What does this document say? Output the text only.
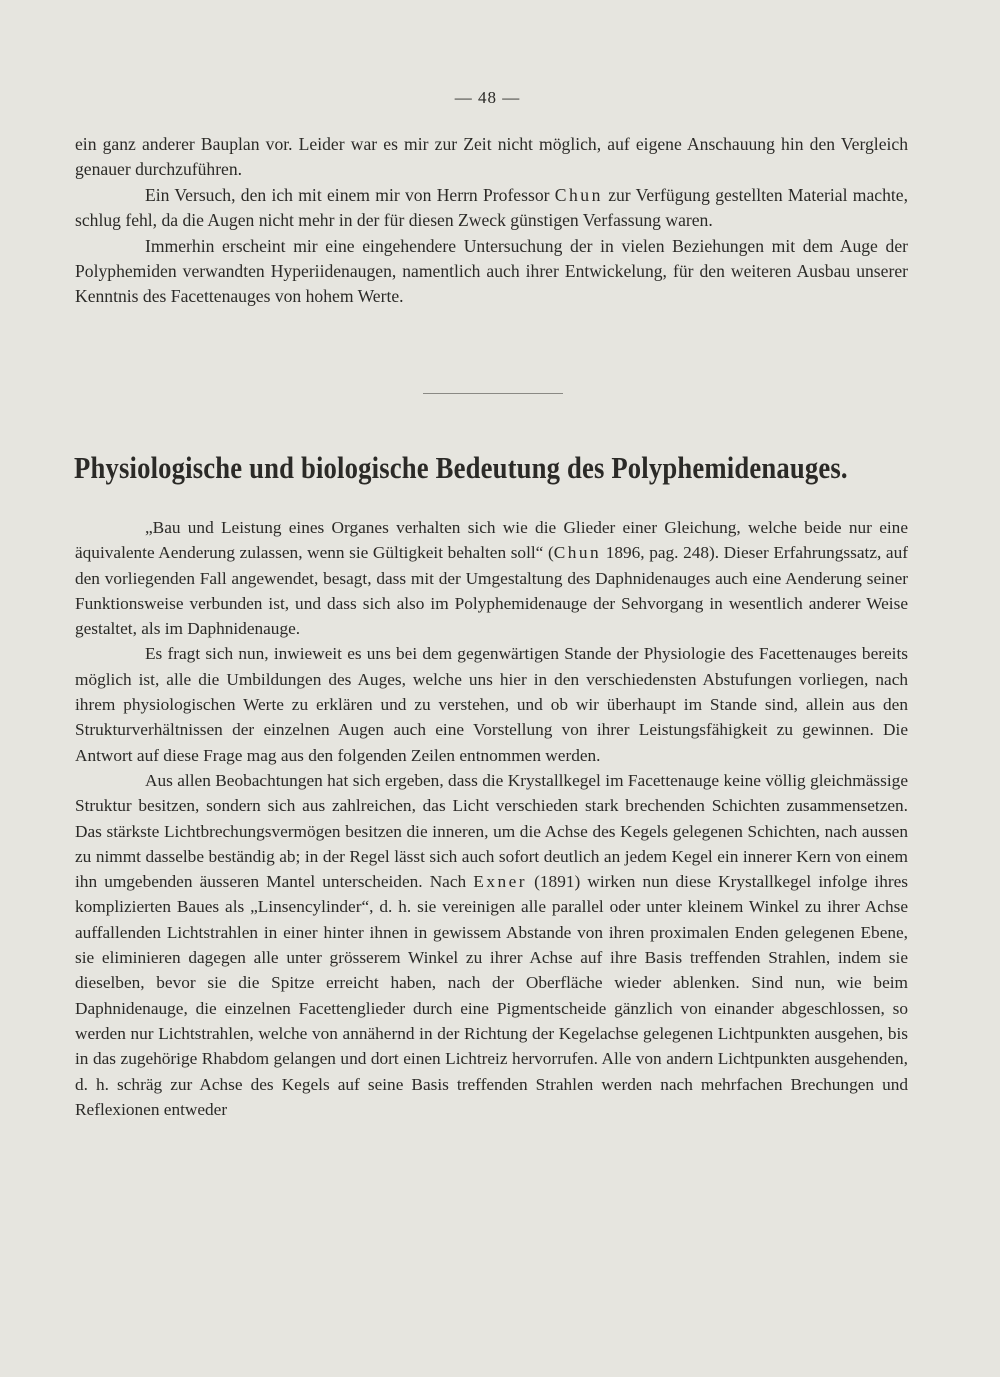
— 48 —

ein ganz anderer Bauplan vor. Leider war es mir zur Zeit nicht möglich, auf eigene Anschauung hin den Vergleich genauer durchzuführen.

Ein Versuch, den ich mit einem mir von Herrn Professor Chun zur Verfügung gestellten Material machte, schlug fehl, da die Augen nicht mehr in der für diesen Zweck günstigen Verfassung waren.

Immerhin erscheint mir eine eingehendere Untersuchung der in vielen Beziehungen mit dem Auge der Polyphemiden verwandten Hyperiidenaugen, namentlich auch ihrer Entwickelung, für den weiteren Ausbau unserer Kenntnis des Facettenauges von hohem Werte.

Physiologische und biologische Bedeutung des Polyphemidenauges.

„Bau und Leistung eines Organes verhalten sich wie die Glieder einer Gleichung, welche beide nur eine äquivalente Aenderung zulassen, wenn sie Gültigkeit behalten soll“ (Chun 1896, pag. 248). Dieser Erfahrungssatz, auf den vorliegenden Fall angewendet, besagt, dass mit der Umgestaltung des Daphnidenauges auch eine Aenderung seiner Funktionsweise verbunden ist, und dass sich also im Polyphemidenauge der Sehvorgang in wesentlich anderer Weise gestaltet, als im Daphnidenauge.

Es fragt sich nun, inwieweit es uns bei dem gegenwärtigen Stande der Physiologie des Facettenauges bereits möglich ist, alle die Umbildungen des Auges, welche uns hier in den verschiedensten Abstufungen vorliegen, nach ihrem physiologischen Werte zu erklären und zu verstehen, und ob wir überhaupt im Stande sind, allein aus den Strukturverhältnissen der einzelnen Augen auch eine Vorstellung von ihrer Leistungsfähigkeit zu gewinnen. Die Antwort auf diese Frage mag aus den folgenden Zeilen entnommen werden.

Aus allen Beobachtungen hat sich ergeben, dass die Krystallkegel im Facettenauge keine völlig gleichmässige Struktur besitzen, sondern sich aus zahlreichen, das Licht verschieden stark brechenden Schichten zusammensetzen. Das stärkste Lichtbrechungsvermögen besitzen die inneren, um die Achse des Kegels gelegenen Schichten, nach aussen zu nimmt dasselbe beständig ab; in der Regel lässt sich auch sofort deutlich an jedem Kegel ein innerer Kern von einem ihn umgebenden äusseren Mantel unterscheiden. Nach Exner (1891) wirken nun diese Krystallkegel infolge ihres komplizierten Baues als „Linsencylinder“, d. h. sie vereinigen alle parallel oder unter kleinem Winkel zu ihrer Achse auffallenden Lichtstrahlen in einer hinter ihnen in gewissem Abstande von ihren proximalen Enden gelegenen Ebene, sie eliminieren dagegen alle unter grösserem Winkel zu ihrer Achse auf ihre Basis treffenden Strahlen, indem sie dieselben, bevor sie die Spitze erreicht haben, nach der Oberfläche wieder ablenken. Sind nun, wie beim Daphnidenauge, die einzelnen Facettenglieder durch eine Pigmentscheide gänzlich von einander abgeschlossen, so werden nur Lichtstrahlen, welche von annähernd in der Richtung der Kegelachse gelegenen Lichtpunkten ausgehen, bis in das zugehörige Rhabdom gelangen und dort einen Lichtreiz hervorrufen. Alle von andern Lichtpunkten ausgehenden, d. h. schräg zur Achse des Kegels auf seine Basis treffenden Strahlen werden nach mehrfachen Brechungen und Reflexionen entweder
